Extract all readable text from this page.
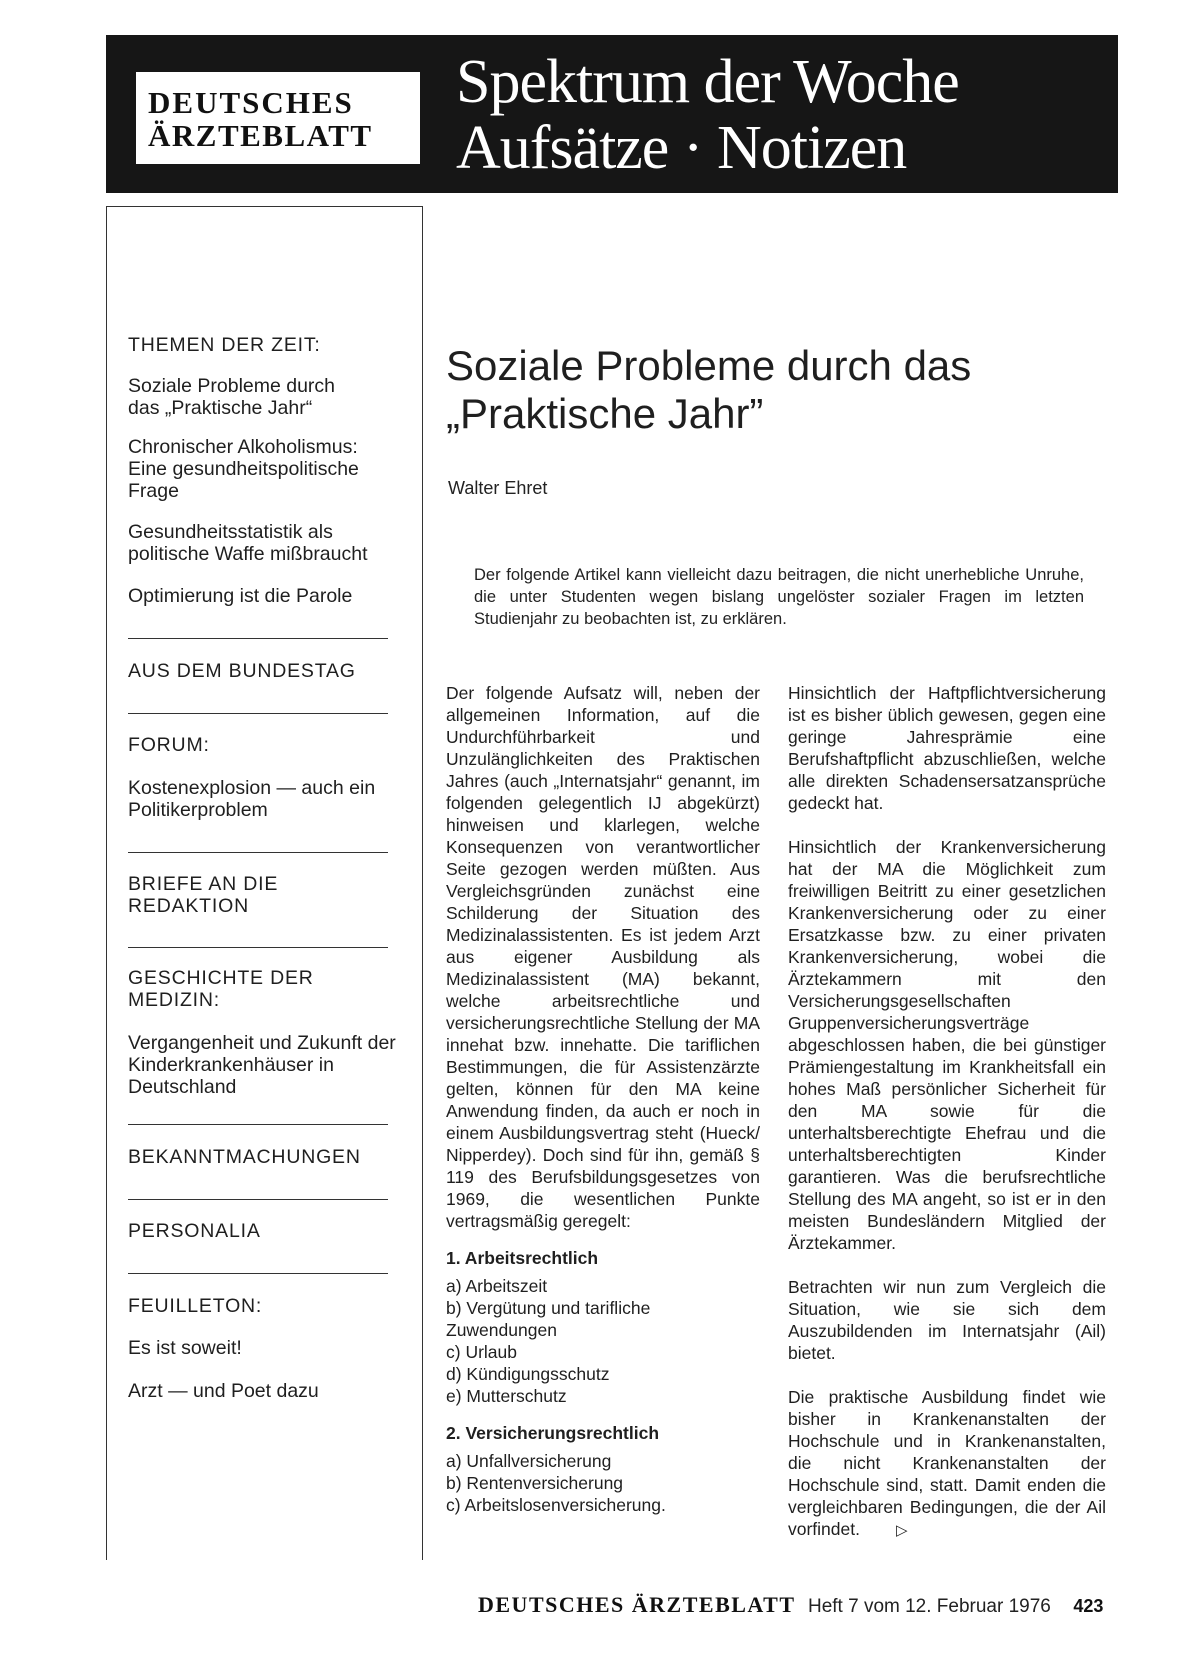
DEUTSCHES
ÄRZTEBLATT
Spektrum der Woche
Aufsätze · Notizen
THEMEN DER ZEIT:
Soziale Probleme durch das „Praktische Jahr“
Chronischer Alkoholismus: Eine gesundheitspolitische Frage
Gesundheitsstatistik als politische Waffe mißbraucht
Optimierung ist die Parole
AUS DEM BUNDESTAG
FORUM:
Kostenexplosion — auch ein Politikerproblem
BRIEFE AN DIE REDAKTION
GESCHICHTE DER MEDIZIN:
Vergangenheit und Zukunft der Kinderkrankenhäuser in Deutschland
BEKANNTMACHUNGEN
PERSONALIA
FEUILLETON:
Es ist soweit!
Arzt — und Poet dazu
Soziale Probleme durch das „Praktische Jahr”
Walter Ehret
Der folgende Artikel kann vielleicht dazu beitragen, die nicht unerhebliche Unruhe, die unter Studenten wegen bislang ungelöster sozialer Fragen im letzten Studienjahr zu beobachten ist, zu erklären.

Der folgende Aufsatz will, neben der allgemeinen Information, auf die Undurchführbarkeit und Unzulänglichkeiten des Praktischen Jahres (auch „Internatsjahr“ genannt, im folgenden gelegentlich IJ abgekürzt) hinweisen und klarlegen, welche Konsequenzen von verantwortlicher Seite gezogen werden müßten. Aus Vergleichsgründen zunächst eine Schilderung der Situation des Medizinalassistenten. Es ist jedem Arzt aus eigener Ausbildung als Medizinalassistent (MA) bekannt, welche arbeitsrechtliche und versicherungsrechtliche Stellung der MA innehat bzw. innehatte. Die tariflichen Bestimmungen, die für Assistenzärzte gelten, können für den MA keine Anwendung finden, da auch er noch in einem Ausbildungsvertrag steht (Hueck/ Nipperdey). Doch sind für ihn, gemäß § 119 des Berufsbildungsgesetzes von 1969, die wesentlichen Punkte vertragsmäßig geregelt:

1. Arbeitsrechtlich
a) Arbeitszeit
b) Vergütung und tarifliche Zuwendungen
c) Urlaub
d) Kündigungsschutz
e) Mutterschutz
2. Versicherungsrechtlich
a) Unfallversicherung
b) Rentenversicherung
c) Arbeitslosenversicherung.

Hinsichtlich der Haftpflichtversicherung ist es bisher üblich gewesen, gegen eine geringe Jahresprämie eine Berufshaftpflicht abzuschließen, welche alle direkten Schadensersatzansprüche gedeckt hat.

Hinsichtlich der Krankenversicherung hat der MA die Möglichkeit zum freiwilligen Beitritt zu einer gesetzlichen Krankenversicherung oder zu einer Ersatzkasse bzw. zu einer privaten Krankenversicherung, wobei die Ärztekammern mit den Versicherungsgesellschaften Gruppenversicherungsverträge abgeschlossen haben, die bei günstiger Prämiengestaltung im Krankheitsfall ein hohes Maß persönlicher Sicherheit für den MA sowie für die unterhaltsberechtigte Ehefrau und die unterhaltsberechtigten Kinder garantieren. Was die berufsrechtliche Stellung des MA angeht, so ist er in den meisten Bundesländern Mitglied der Ärztekammer.

Betrachten wir nun zum Vergleich die Situation, wie sie sich dem Auszubildenden im Internatsjahr (Ail) bietet.

Die praktische Ausbildung findet wie bisher in Krankenanstalten der Hochschule und in Krankenanstalten, die nicht Krankenanstalten der Hochschule sind, statt. Damit enden die vergleichbaren Bedingungen, die der Ail vorfindet. ▷

DEUTSCHES ÄRZTEBLATT Heft 7 vom 12. Februar 1976 423
